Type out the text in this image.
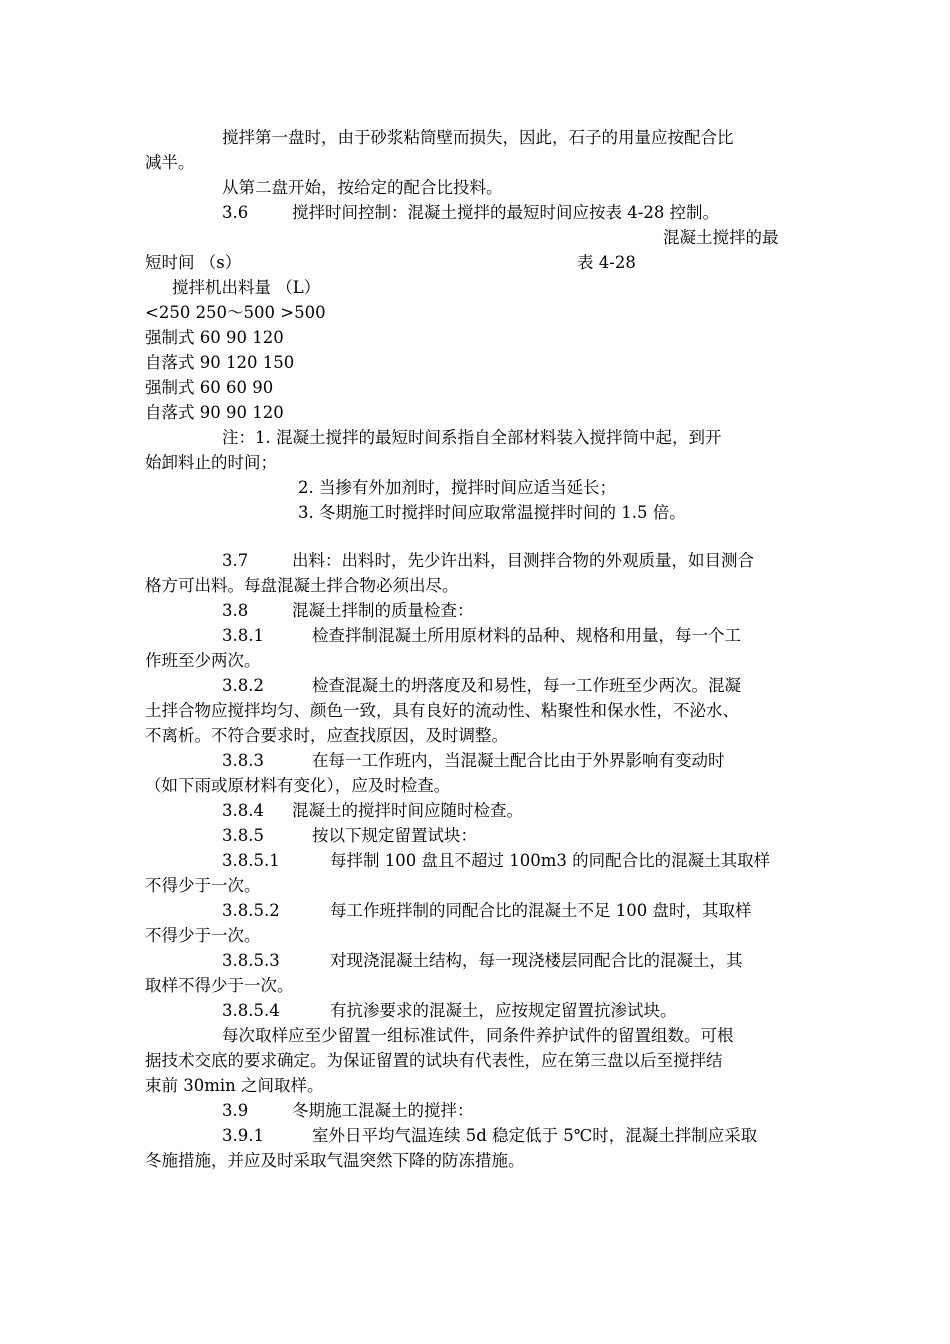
搅拌第一盘时，由于砂浆粘筒壁而损失，因此，石子的用量应按配合比
减半。
从第二盘开始，按给定的配合比投料。
3.6	搅拌时间控制：混凝土搅拌的最短时间应按表 4-28 控制。
混凝土搅拌的最
短时间 （s）	表 4-28
搅拌机出料量 （L）
<250 250～500 >500
强制式 60 90 120
自落式 90 120 150
强制式 60 60 90
自落式 90 90 120
注：1. 混凝土搅拌的最短时间系指自全部材料装入搅拌筒中起，到开
始卸料止的时间；
2. 当掺有外加剂时，搅拌时间应适当延长；
3. 冬期施工时搅拌时间应取常温搅拌时间的 1.5 倍。
3.7	出料：出料时，先少许出料，目测拌合物的外观质量，如目测合
格方可出料。每盘混凝土拌合物必须出尽。
3.8	混凝土拌制的质量检查：
3.8.1	检查拌制混凝土所用原材料的品种、规格和用量，每一个工
作班至少两次。
3.8.2	检查混凝土的坍落度及和易性，每一工作班至少两次。混凝
土拌合物应搅拌均匀、颜色一致，具有良好的流动性、粘聚性和保水性，不泌水、
不离析。不符合要求时，应查找原因，及时调整。
3.8.3	在每一工作班内，当混凝土配合比由于外界影响有变动时
（如下雨或原材料有变化），应及时检查。
3.8.4 混凝土的搅拌时间应随时检查。
3.8.5	按以下规定留置试块：
3.8.5.1	每拌制 100 盘且不超过 100m3 的同配合比的混凝土其取样
不得少于一次。
3.8.5.2	每工作班拌制的同配合比的混凝土不足 100 盘时，其取样
不得少于一次。
3.8.5.3	对现浇混凝土结构，每一现浇楼层同配合比的混凝土，其
取样不得少于一次。
3.8.5.4	有抗渗要求的混凝土，应按规定留置抗渗试块。
每次取样应至少留置一组标准试件，同条件养护试件的留置组数。可根
据技术交底的要求确定。为保证留置的试块有代表性，应在第三盘以后至搅拌结
束前 30min 之间取样。
3.9	冬期施工混凝土的搅拌：
3.9.1	室外日平均气温连续 5d 稳定低于 5℃时，混凝土拌制应采取
冬施措施，并应及时采取气温突然下降的防冻措施。
